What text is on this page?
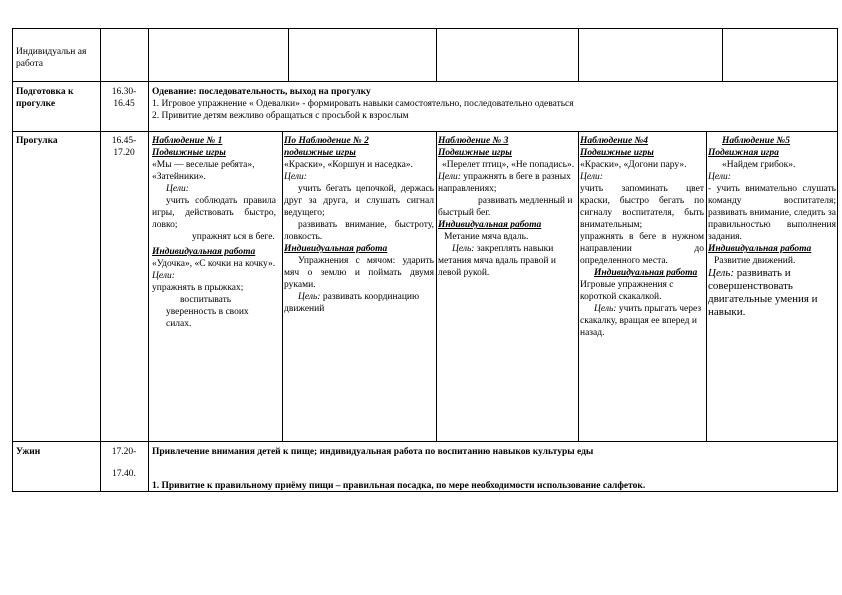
Индивидуальн ая работа
Подготовка к прогулке

16.30-

16.45

Одевание: последовательность, выход на прогулку

1. Игровое упражнение « Одевалки» - формировать навыки самостоятельно, последовательно одеваться

2. Привитие детям вежливо обращаться с просьбой к взрослым

Прогулка	16.45-

17.20

Наблюдение № 1

Подвижные игры

«Мы — веселые ребята», «Затейники».

Цели:

учить соблюдать правила игры, действовать быстро, ловко;

упражнят ься в беге.

Индивидуальная работа

«Удочка», «С кочки на кочку».

Цели:

упражнять в прыжках;

воспитывать уверенность в своих силах.

По Наблюдение № 2

подвижные игры

«Краски», «Коршун и наседка».

Цели:

учить бегать цепочкой, держась друг за друга, и слушать сигнал ведущего;

развивать внимание, быстроту, ловкость.

Индивидуальная работа

Упражнения с мячом: ударить мяч о землю и поймать двумя руками.

Цель: развивать координацию движений

Наблюдение № 3

Подвижные игры

«Перелет птиц», «Не попадись».

Цели: упражнять в беге в разных направлениях;

развивать медленный и быстрый бег.

Индивидуальная работа

Метание мяча вдаль.

Цель: закреплять навыки метания мяча вдаль правой и левой рукой.

Наблюдение №4

Подвижные игры

«Краски», «Догони пару».

Цели:

учить запоминать цвет краски, быстро бегать по сигналу воспитателя, быть внимательным;

упражнять в беге в нужном направлении до определенного места.

Индивидуальная работа

Игровые упражнения с короткой скакалкой.

Цель: учить прыгать через скакалку, вращая ее вперед и назад.

Наблюдение №5

Подвижная игра

«Найдем грибок».

Цели:

- учить внимательно слушать команду воспитателя; развивать внимание, следить за правильностью выполнения задания.

Индивидуальная работа

Развитие движений.

Цель: развивать и совершенствовать двигательные умения и навыки.

Ужин	17.20-

17.40.

Привлечение внимания детей к пище; индивидуальная работа по воспитанию навыков культуры еды

1. Привитие к правильному приёму пищи – правильная посадка, по мере необходимости использование салфеток.
